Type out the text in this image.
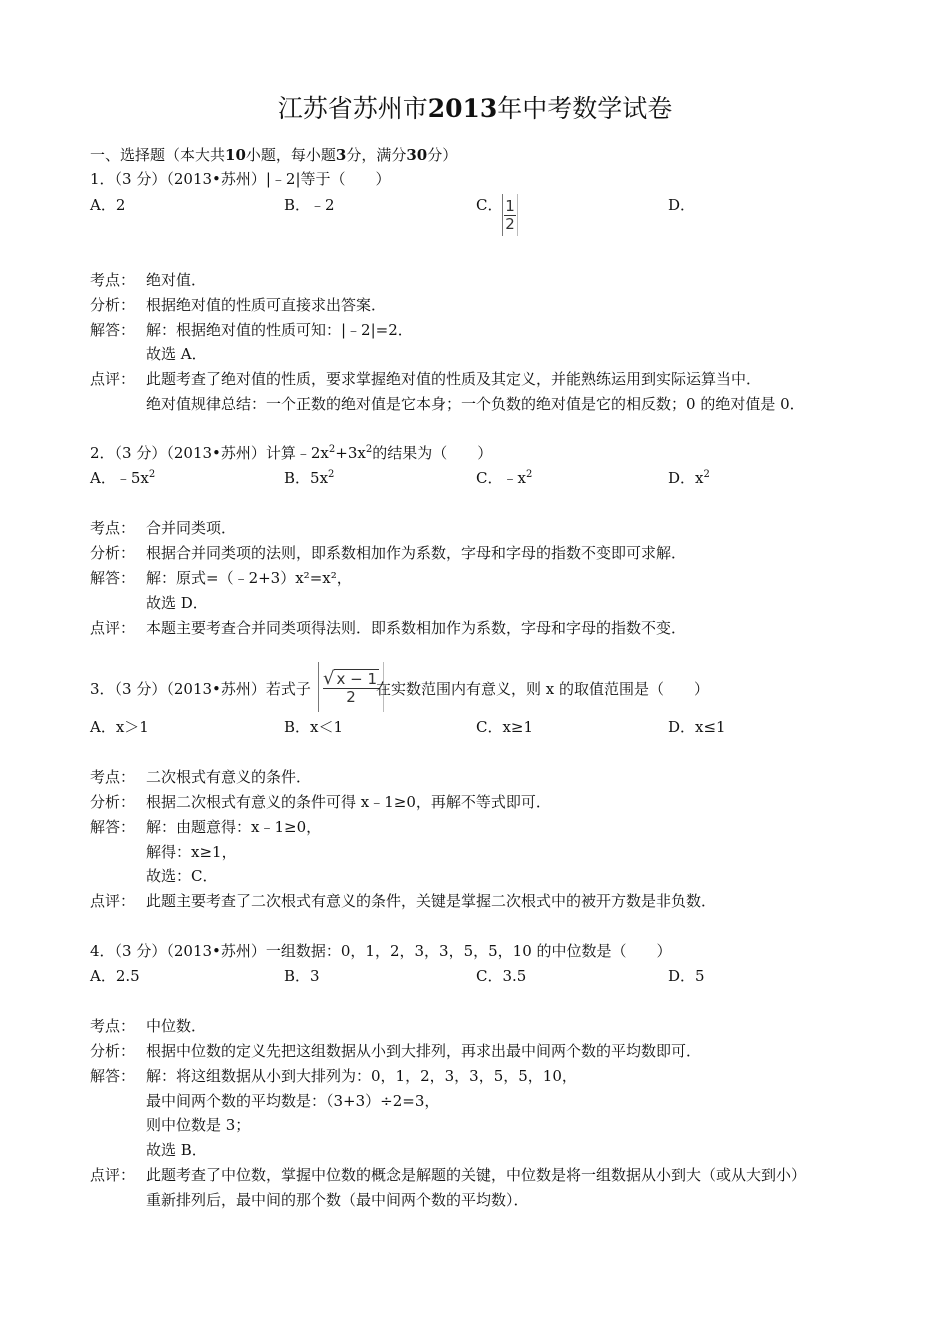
江苏省苏州市2013年中考数学试卷
一、选择题（本大共10小题，每小题3分，满分30分）
1．（3 分）（2013•苏州）|﹣2|等于（　　）
A．2	B．﹣2	C． 1
2
D．
考点： 绝对值．
分析： 根据绝对值的性质可直接求出答案．
解答： 解：根据绝对值的性质可知：|﹣2|=2．
故选 A．
点评： 此题考查了绝对值的性质，要求掌握绝对值的性质及其定义，并能熟练运用到实际运算当中．
绝对值规律总结：一个正数的绝对值是它本身；一个负数的绝对值是它的相反数；0 的绝对值是 0．
2．（3 分）（2013•苏州）计算$﹣2x^2+3x^2$的结果为（　　）
A．$﹣5x^2$	B．$5x^2$	C．$﹣x^2$	D．$x^2$
考点： 合并同类项．
分析： 根据合并同类项的法则，即系数相加作为系数，字母和字母的指数不变即可求解．
解答： 解：原式=（﹣2+3）x²=x²，
故选 D．
点评： 本题主要考查合并同类项得法则．即系数相加作为系数，字母和字母的指数不变．
3．（3 分）（2013•苏州）若式子
√ x − 1
2 在实数范围内有意义，则 x 的取值范围是（　　）
A．x＞1	B．x＜1	C．x≥1	D．x≤1
考点： 二次根式有意义的条件．
分析： 根据二次根式有意义的条件可得 x﹣1≥0，再解不等式即可．
解答： 解：由题意得：x﹣1≥0，
解得：x≥1，
故选：C．
点评： 此题主要考查了二次根式有意义的条件，关键是掌握二次根式中的被开方数是非负数．
4．（3 分）（2013•苏州）一组数据：0，1，2，3，3，5，5，10 的中位数是（　　）
A．2.5	B．3	C．3.5	D．5
考点： 中位数．
分析： 根据中位数的定义先把这组数据从小到大排列，再求出最中间两个数的平均数即可．
解答： 解：将这组数据从小到大排列为：0，1，2，3，3，5，5，10，
最中间两个数的平均数是：（3+3）÷2=3，
则中位数是 3；
故选 B．
点评： 此题考查了中位数，掌握中位数的概念是解题的关键，中位数是将一组数据从小到大（或从大到小）
重新排列后，最中间的那个数（最中间两个数的平均数）．
